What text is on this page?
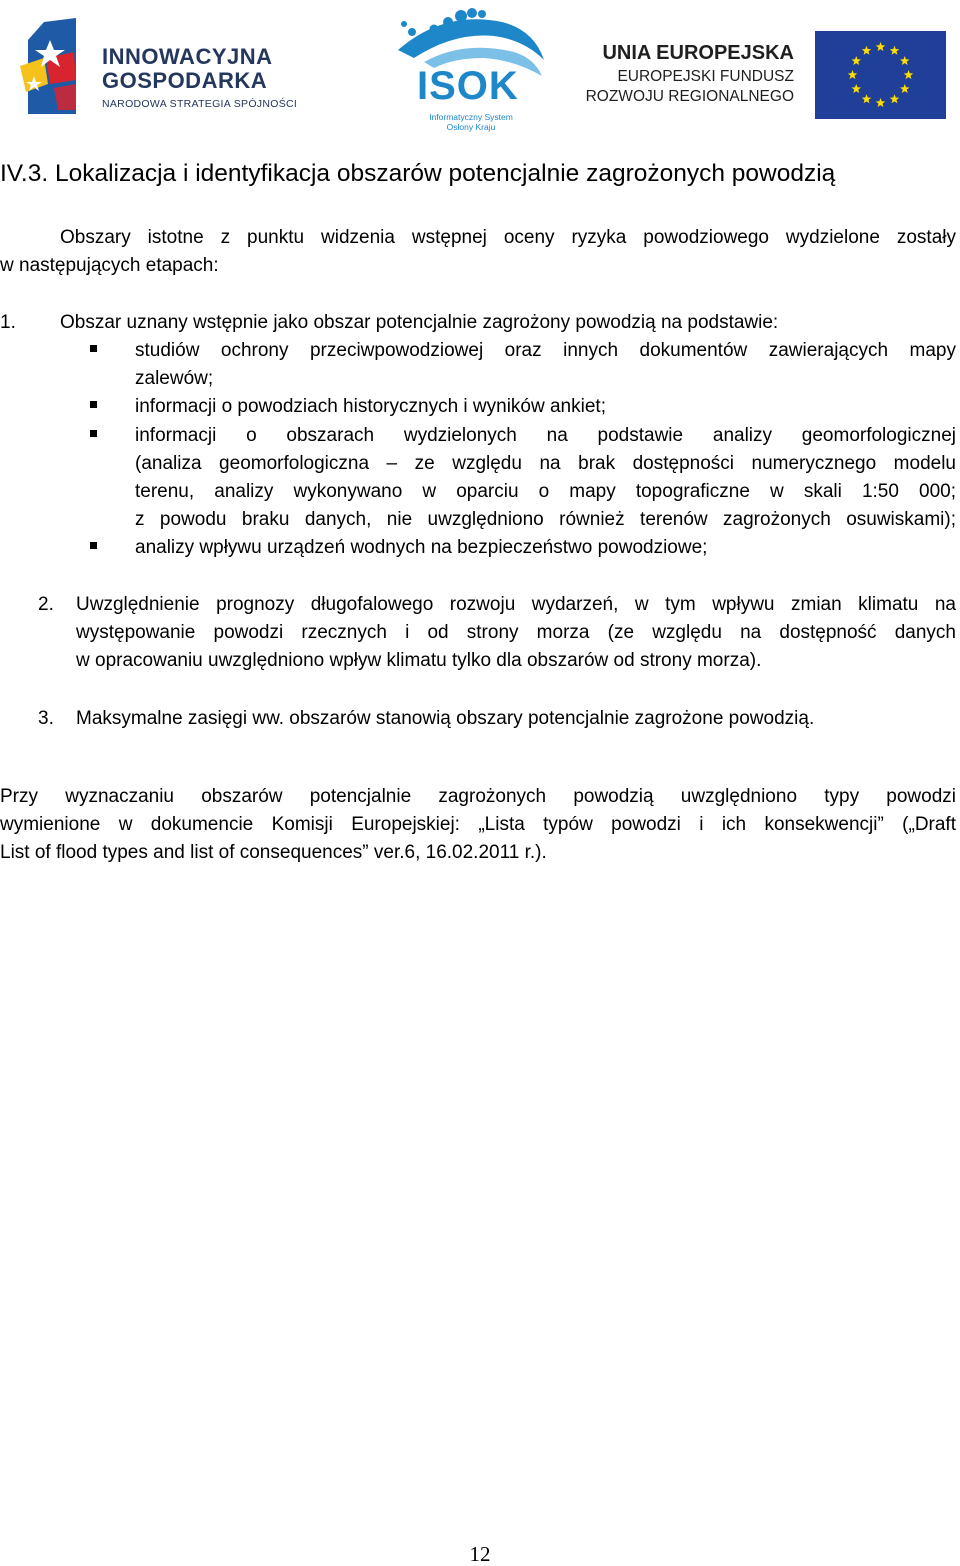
INNOWACYJNA
GOSPODARKA
NARODOWA STRATEGIA SPÓJNOŚCI	ISOK
Informatyczny System
Osłony Kraju
UNIA EUROPEJSKA
EUROPEJSKI FUNDUSZ
ROZWOJU REGIONALNEGO
IV.3. Lokalizacja i identyfikacja obszarów potencjalnie zagrożonych powodzią
Obszary istotne z punktu widzenia wstępnej oceny ryzyka powodziowego wydzielone zostały
w następujących etapach:
1. Obszar uznany wstępnie jako obszar potencjalnie zagrożony powodzią na podstawie:
studiów ochrony przeciwpowodziowej oraz innych dokumentów zawierających mapy
zalewów;
informacji o powodziach historycznych i wyników ankiet;
informacji o obszarach wydzielonych na podstawie analizy geomorfologicznej
(analiza geomorfologiczna – ze względu na brak dostępności numerycznego modelu
terenu, analizy wykonywano w oparciu o mapy topograficzne w skali 1:50 000;
z powodu braku danych, nie uwzględniono również terenów zagrożonych osuwiskami);
analizy wpływu urządzeń wodnych na bezpieczeństwo powodziowe;
2. Uwzględnienie prognozy długofalowego rozwoju wydarzeń, w tym wpływu zmian klimatu na
występowanie powodzi rzecznych i od strony morza (ze względu na dostępność danych
w opracowaniu uwzględniono wpływ klimatu tylko dla obszarów od strony morza).
3. Maksymalne zasięgi ww. obszarów stanowią obszary potencjalnie zagrożone powodzią.
Przy wyznaczaniu obszarów potencjalnie zagrożonych powodzią uwzględniono typy powodzi
wymienione w dokumencie Komisji Europejskiej: „Lista typów powodzi i ich konsekwencji” („Draft
List of flood types and list of consequences” ver.6, 16.02.2011 r.).
12
